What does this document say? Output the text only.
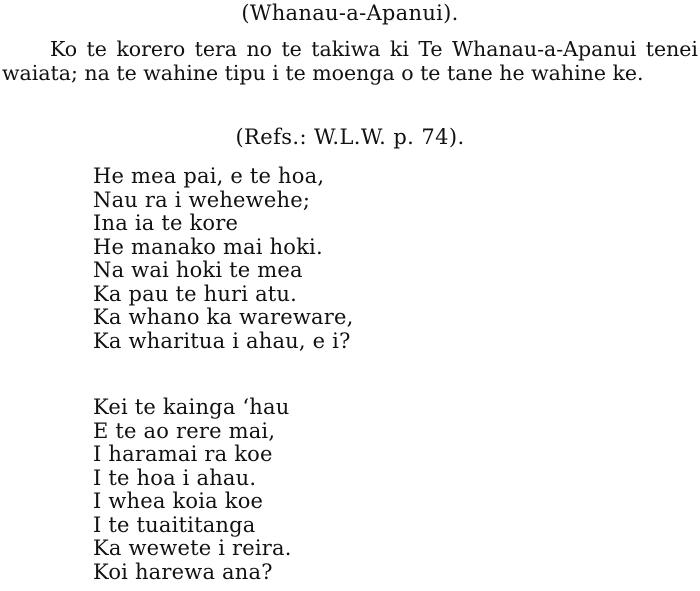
(Whanau-a-Apanui).
Ko te korero tera no te takiwa ki Te Whanau-a-Apanui tenei waiata; na te wahine tipu i te moenga o te tane he wahine ke.
(Refs.: W.L.W. p. 74).
He mea pai, e te hoa,
Nau ra i wehewehe;
Ina ia te kore
He manako mai hoki.
Na wai hoki te mea
Ka pau te huri atu.
Ka whano ka wareware,
Ka wharitua i ahau, e i?
Kei te kainga ‘hau
E te ao rere mai,
I haramai ra koe
I te hoa i ahau.
I whea koia koe
I te tuaititanga
Ka wewete i reira.
Koi harewa ana?
